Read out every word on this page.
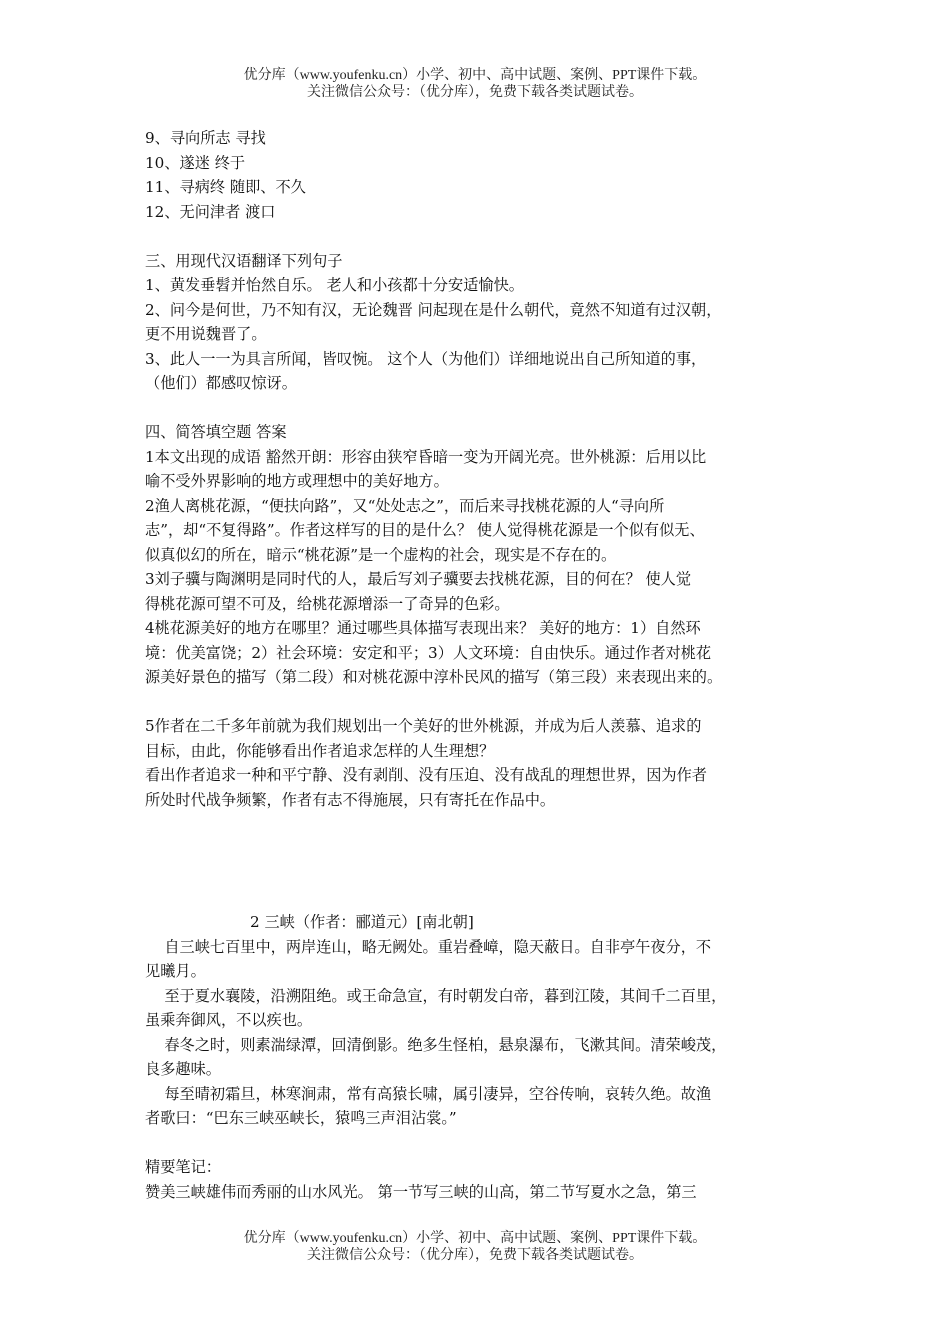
优分库（www.youfenku.cn）小学、初中、高中试题、案例、PPT课件下载。
关注微信公众号：（优分库），免费下载各类试题试卷。

9、寻向所志 寻找

10、遂迷 终于

11、寻病终 随即、不久

12、无问津者 渡口

三、用现代汉语翻译下列句子

1、黄发垂髫并怡然自乐。 老人和小孩都十分安适愉快。

2、问今是何世，乃不知有汉，无论魏晋 问起现在是什么朝代，竟然不知道有过汉朝，

更不用说魏晋了。

3、此人一一为具言所闻，皆叹惋。 这个人（为他们）详细地说出自己所知道的事，

（他们）都感叹惊讶。

四、简答填空题 答案

1本文出现的成语 豁然开朗：形容由狭窄昏暗一变为开阔光亮。世外桃源：后用以比

喻不受外界影响的地方或理想中的美好地方。

2渔人离桃花源，“便扶向路”，又“处处志之”，而后来寻找桃花源的人“寻向所

志”，却“不复得路”。作者这样写的目的是什么？ 使人觉得桃花源是一个似有似无、

似真似幻的所在，暗示“桃花源”是一个虚构的社会，现实是不存在的。

3刘子骥与陶渊明是同时代的人，最后写刘子骥要去找桃花源，目的何在？ 使人觉

得桃花源可望不可及，给桃花源增添一了奇异的色彩。

4桃花源美好的地方在哪里？通过哪些具体描写表现出来？ 美好的地方：1）自然环

境：优美富饶；2）社会环境：安定和平；3）人文环境：自由快乐。通过作者对桃花

源美好景色的描写（第二段）和对桃花源中淳朴民风的描写（第三段）来表现出来的。

5作者在二千多年前就为我们规划出一个美好的世外桃源，并成为后人羡慕、追求的

目标，由此，你能够看出作者追求怎样的人生理想？

看出作者追求一种和平宁静、没有剥削、没有压迫、没有战乱的理想世界，因为作者

所处时代战争频繁，作者有志不得施展，只有寄托在作品中。

2 三峡（作者：郦道元）[南北朝]

自三峡七百里中，两岸连山，略无阙处。重岩叠嶂，隐天蔽日。自非亭午夜分，不

见曦月。

至于夏水襄陵，沿溯阻绝。或王命急宣，有时朝发白帝，暮到江陵，其间千二百里，

虽乘奔御风，不以疾也。

春冬之时，则素湍绿潭，回清倒影。绝多生怪柏，悬泉瀑布，飞漱其间。清荣峻茂，

良多趣味。

每至晴初霜旦，林寒涧肃，常有高猿长啸，属引凄异，空谷传响，哀转久绝。故渔

者歌曰：“巴东三峡巫峡长，猿鸣三声泪沾裳。”

精要笔记：

赞美三峡雄伟而秀丽的山水风光。 第一节写三峡的山高，第二节写夏水之急，第三

优分库（www.youfenku.cn）小学、初中、高中试题、案例、PPT课件下载。
关注微信公众号：（优分库），免费下载各类试题试卷。
